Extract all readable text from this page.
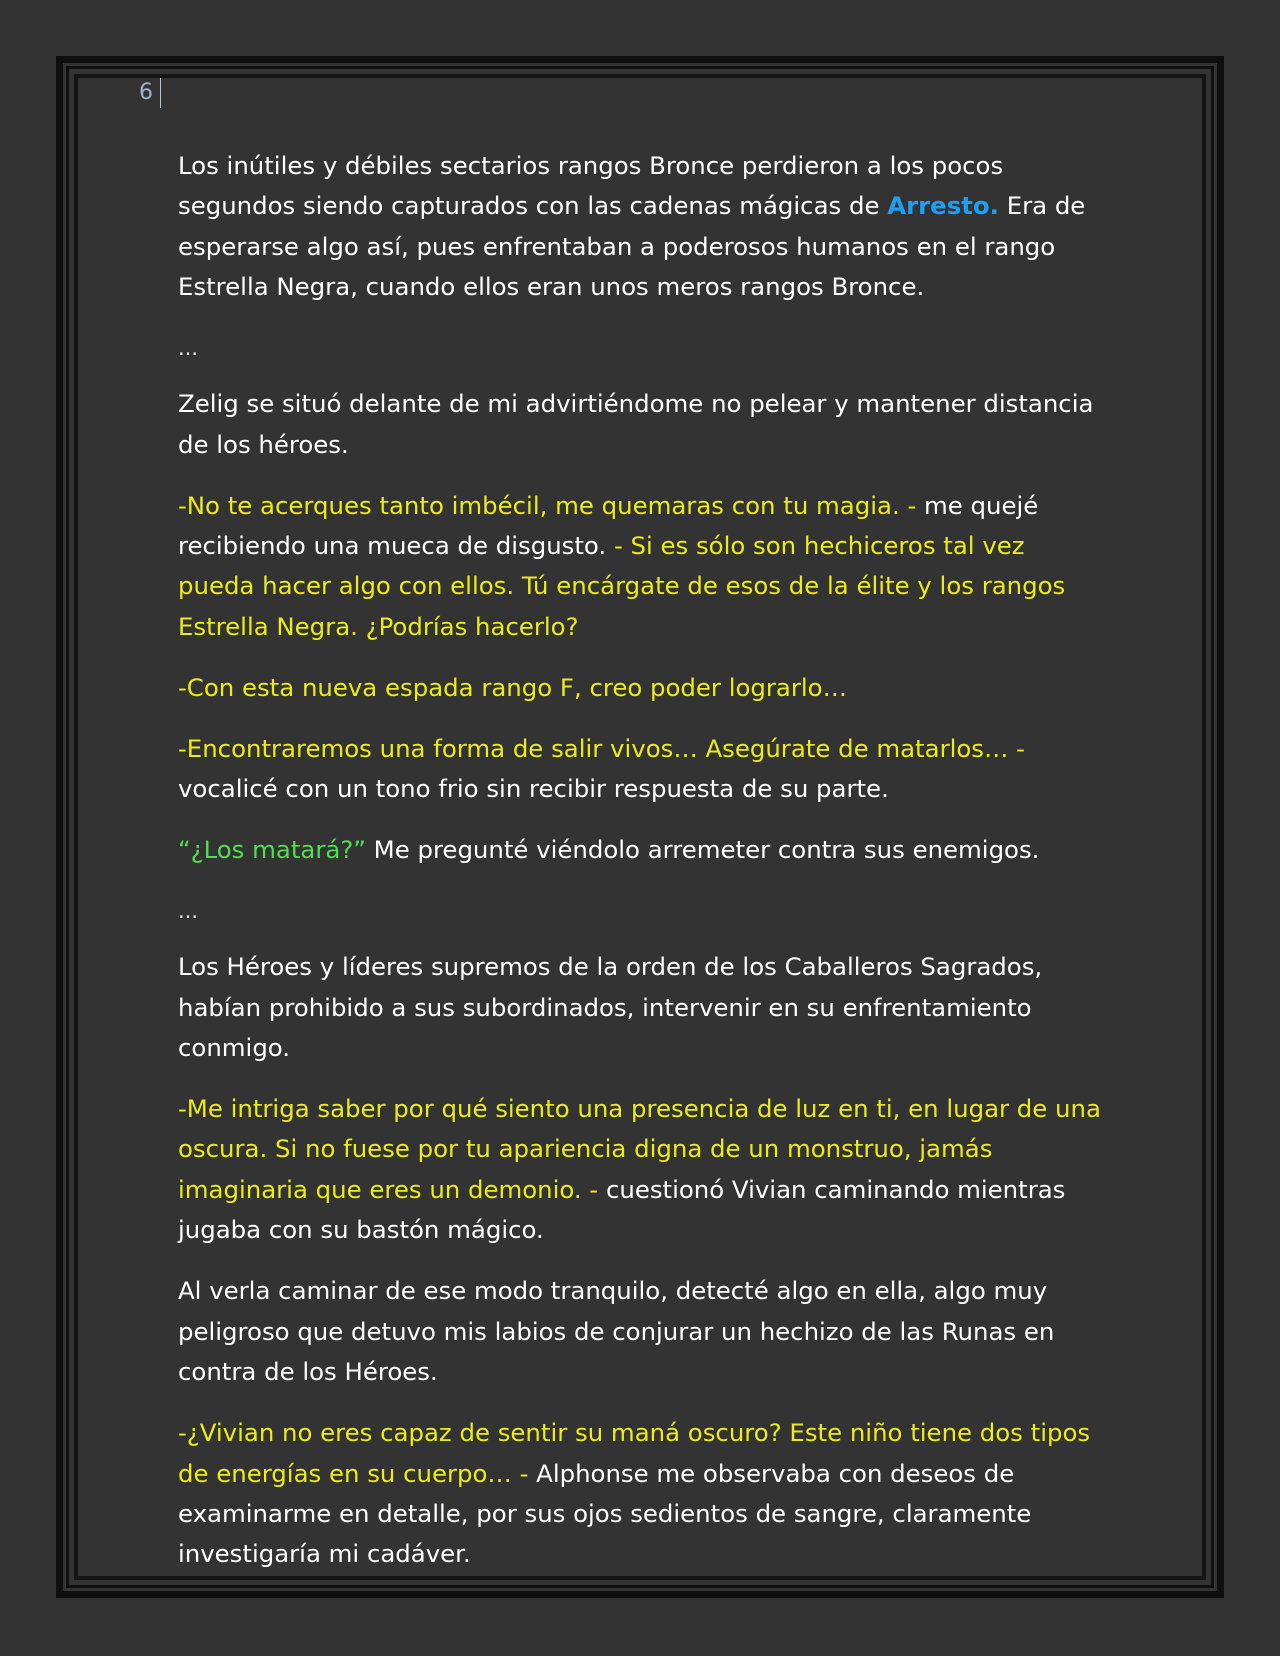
6

Los inútiles y débiles sectarios rangos Bronce perdieron a los pocos segundos siendo capturados con las cadenas mágicas de Arresto. Era de esperarse algo así, pues enfrentaban a poderosos humanos en el rango Estrella Negra, cuando ellos eran unos meros rangos Bronce.

…

Zelig se situó delante de mi advirtiéndome no pelear y mantener distancia de los héroes.

-No te acerques tanto imbécil, me quemaras con tu magia. - me quejé recibiendo una mueca de disgusto. - Si es sólo son hechiceros tal vez pueda hacer algo con ellos. Tú encárgate de esos de la élite y los rangos Estrella Negra. ¿Podrías hacerlo?

-Con esta nueva espada rango F, creo poder lograrlo…

-Encontraremos una forma de salir vivos… Asegúrate de matarlos… - vocalicé con un tono frio sin recibir respuesta de su parte.

“¿Los matará?” Me pregunté viéndolo arremeter contra sus enemigos.

…

Los Héroes y líderes supremos de la orden de los Caballeros Sagrados, habían prohibido a sus subordinados, intervenir en su enfrentamiento conmigo.

-Me intriga saber por qué siento una presencia de luz en ti, en lugar de una oscura. Si no fuese por tu apariencia digna de un monstruo, jamás imaginaria que eres un demonio. - cuestionó Vivian caminando mientras jugaba con su bastón mágico.

Al verla caminar de ese modo tranquilo, detecté algo en ella, algo muy peligroso que detuvo mis labios de conjurar un hechizo de las Runas en contra de los Héroes.

-¿Vivian no eres capaz de sentir su maná oscuro? Este niño tiene dos tipos de energías en su cuerpo… - Alphonse me observaba con deseos de examinarme en detalle, por sus ojos sedientos de sangre, claramente investigaría mi cadáver.
